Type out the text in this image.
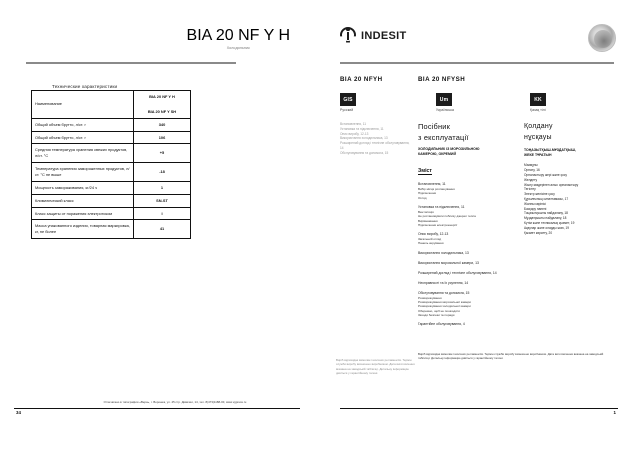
BIA 20 NF Y H
Холодильник
Технические характеристики
Наименование	BIA 20 NF Y H
BIA 20 NF Y SH

Общий объем брутто, л/ст. г	340
Общий объем брутто, л/ст. г	106
Средняя температура хранения свежих продуктов, л/ст. °C	+5
Температура хранения замороженных продуктов, л/ст. °C не выше	-18
Мощность замораживания, кг/24 ч	1
Климатический класс	SN-ST
Класс защиты от поражения электротоком	I
Масса упакованного изделия, товарная маркировка, кг, не более	41
Отпечатано в типографии «Вера», г. Воронеж, ул. 45 стр. Дивизии, 14, тел. 8(473)1188-00, www.vgpress.ru
34
indesit
BIA 20 NFYH	BIA 20 NFYSH
GIS
Русский
Um
Українська
KK
Қазақ тілі
Встановлення, 11
Установка та підключення, 11
Опис виробу, 12-13
Використання холодильника, 13
Розширений догляд і технічне обслуговування, 14
Обслуговування та допомога, 15
Посібник
з експлуатації
ХОЛОДИЛЬНИК ІЗ МОРОЗИЛЬНОЮ
КАМЕРОЮ, ОКРЕМИЙ
Зміст
Встановлення, 11
Вибір місця розташування
Підключення
Огляд
Установка та підключення, 11
Вентиляція
Не розташовувати поблизу джерел тепла
Вирівнювання
Підключення електроенергії
Опис виробу, 12-13
Загальний огляд
Панель керування
Використання холодильника, 13
Використання морозильної камери, 13
Розширений догляд і технічне обслуговування, 14
Несправності та їх усунення, 14
Обслуговування та допомога, 15
Розморожування
Розморожування морозильної камери
Розморожування холодильної камери
Обережно, щоб не пошкодити
Заходи безпеки та поради
Гарантійне обслуговування, 4
Қолдану
нұсқауы
ТОҢАЗЫТҚЫШ-МҰЗДАТҚЫШ,
ЖЕКЕ ТҰРАТЫН
Мазмұны
Орнату, 16
Орналастыру жері және қосу
Желдету
Жылу көздерінен алыс орналастыру
Тегістеу
Электр желісіне қосу
Құрылғының сипаттамасы, 17
Жалпы көрінісі
Басқару панелі
Тоңазытқышты пайдалану, 18
Мұздатқышты пайдалану, 18
Күтім және техникалық қызмет, 19
Ақаулар және оларды жою, 19
Қызмет көрсету, 20
Виріб відповідає вимогам технічних регламентів. Термін служби виробу визначено виробником. Дата виготовлення вказана на заводській табличці. Детальну інформацію дивіться у гарантійному талоні.
Виріб відповідає вимогам технічних регламентів. Термін служби виробу визначено виробником. Дата виготовлення вказана на заводській табличці. Детальну інформацію дивіться у гарантійному талоні.
1
